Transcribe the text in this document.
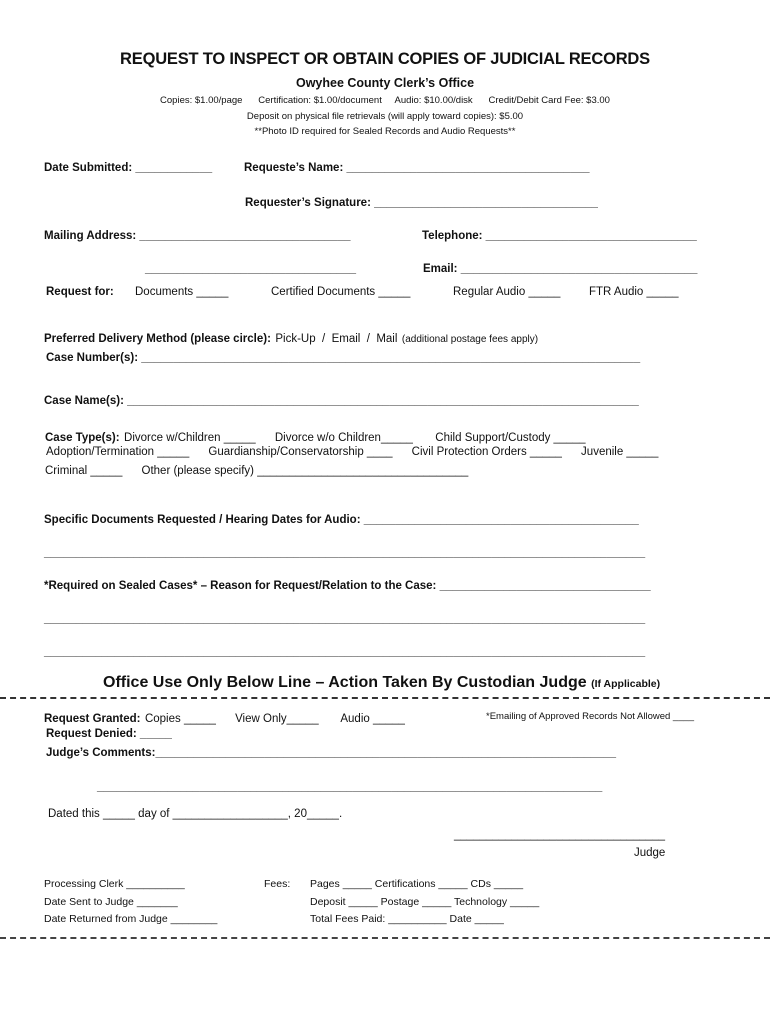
REQUEST TO INSPECT OR OBTAIN COPIES OF JUDICIAL RECORDS
Owyhee County Clerk’s Office
Copies: $1.00/page      Certification: $1.00/document     Audio: $10.00/disk      Credit/Debit Card Fee: $3.00
Deposit on physical file retrievals (will apply toward copies): $5.00
**Photo ID required for Sealed Records and Audio Requests**
Date Submitted: ____________	Requeste’s Name: ______________________________________
Requester’s Signature: ___________________________________
Mailing Address: _________________________________	Telephone: _________________________________
_________________________________	Email: _____________________________________
Request for: Documents _____	Certified Documents _____	Regular Audio _____ FTR Audio _____
Preferred Delivery Method (please circle): Pick-Up  /  Email  /  Mail (additional postage fees apply)
Case Number(s): ______________________________________________________________________________
Case Name(s): ________________________________________________________________________________
Case Type(s): Divorce w/Children _____      Divorce w/o Children_____       Child Support/Custody _____
Adoption/Termination _____      Guardianship/Conservatorship ____      Civil Protection Orders _____      Juvenile _____
Criminal _____      Other (please specify) _________________________________
Specific Documents Requested / Hearing Dates for Audio: ___________________________________________
______________________________________________________________________________________________
*Required on Sealed Cases* – Reason for Request/Relation to the Case: _________________________________
______________________________________________________________________________________________
______________________________________________________________________________________________
Office Use Only Below Line – Action Taken By Custodian Judge (If Applicable)
Request Granted: Copies _____      View Only_____       Audio _____	*Emailing of Approved Records Not Allowed ____
Request Denied: _____
Judge’s Comments:________________________________________________________________________
_______________________________________________________________________________
Dated this _____ day of __________________, 20_____.
_________________________________
Judge
Processing Clerk __________
Date Sent to Judge _______
Date Returned from Judge ________
Fees: Pages _____ Certifications _____ CDs _____
Deposit _____ Postage _____ Technology _____
Total Fees Paid: __________ Date _____
